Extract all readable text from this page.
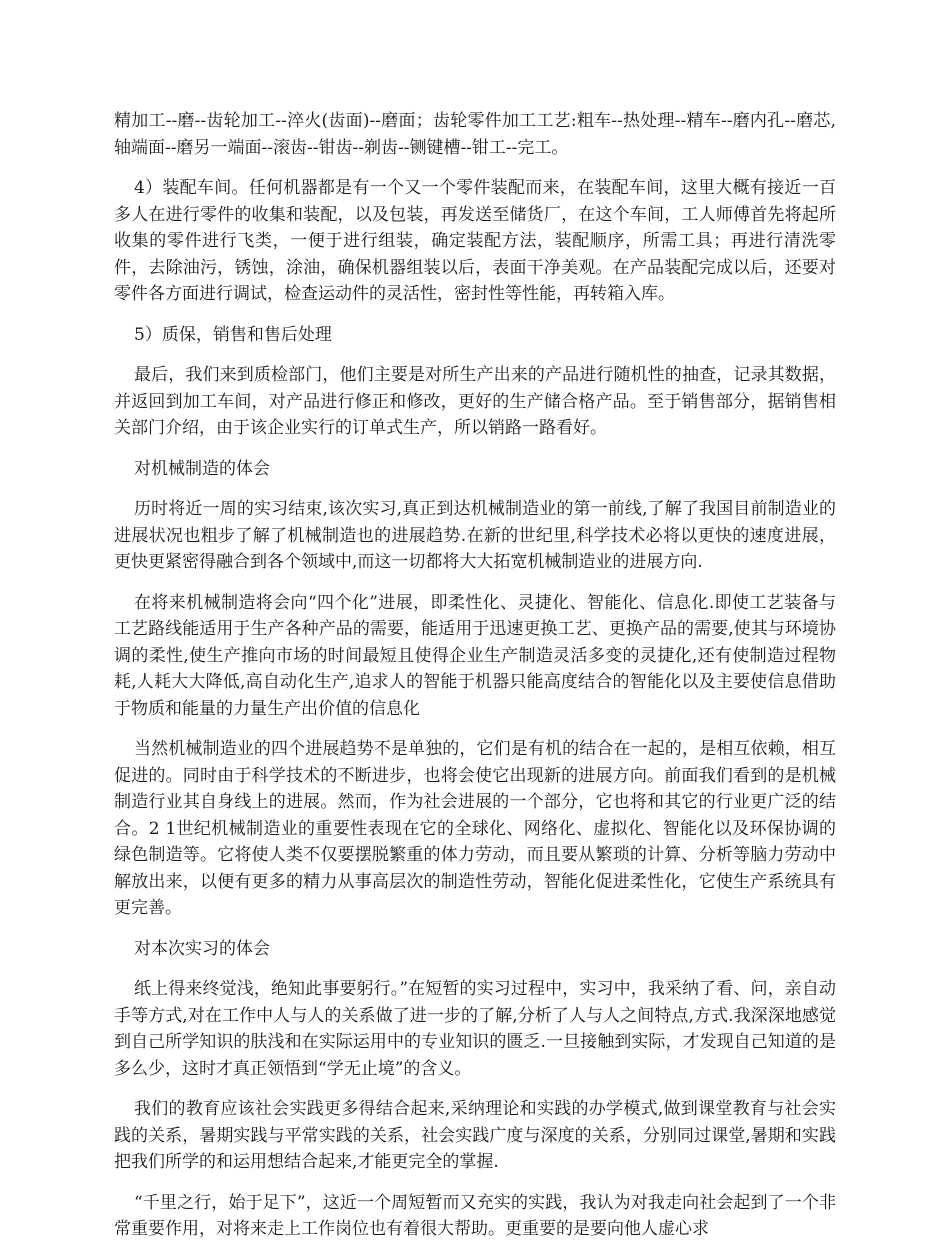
精加工--磨--齿轮加工--淬火(齿面)--磨面；齿轮零件加工工艺:粗车--热处理--精车--磨内孔--磨芯,轴端面--磨另一端面--滚齿--钳齿--剃齿--铡键槽--钳工--完工。

4）装配车间。任何机器都是有一个又一个零件装配而来，在装配车间，这里大概有接近一百多人在进行零件的收集和装配，以及包装，再发送至储货厂，在这个车间，工人师傅首先将起所收集的零件进行飞类，一便于进行组装，确定装配方法，装配顺序，所需工具；再进行清洗零件，去除油污，锈蚀，涂油，确保机器组装以后，表面干净美观。在产品装配完成以后，还要对零件各方面进行调试，检查运动件的灵活性，密封性等性能，再转箱入库。

5）质保，销售和售后处理

最后，我们来到质检部门，他们主要是对所生产出来的产品进行随机性的抽查，记录其数据，并返回到加工车间，对产品进行修正和修改，更好的生产储合格产品。至于销售部分，据销售相关部门介绍，由于该企业实行的订单式生产，所以销路一路看好。

对机械制造的体会

历时将近一周的实习结束,该次实习,真正到达机械制造业的第一前线,了解了我国目前制造业的进展状况也粗步了解了机械制造也的进展趋势.在新的世纪里,科学技术必将以更快的速度进展，更快更紧密得融合到各个领域中,而这一切都将大大拓宽机械制造业的进展方向.

在将来机械制造将会向“四个化”进展，即柔性化、灵捷化、智能化、信息化.即使工艺装备与工艺路线能适用于生产各种产品的需要，能适用于迅速更换工艺、更换产品的需要,使其与环境协调的柔性,使生产推向市场的时间最短且使得企业生产制造灵活多变的灵捷化,还有使制造过程物耗,人耗大大降低,高自动化生产,追求人的智能于机器只能高度结合的智能化以及主要使信息借助于物质和能量的力量生产出价值的信息化

当然机械制造业的四个进展趋势不是单独的，它们是有机的结合在一起的，是相互依赖，相互促进的。同时由于科学技术的不断进步，也将会使它出现新的进展方向。前面我们看到的是机械制造行业其自身线上的进展。然而，作为社会进展的一个部分，它也将和其它的行业更广泛的结合。2 1世纪机械制造业的重要性表现在它的全球化、网络化、虚拟化、智能化以及环保协调的绿色制造等。它将使人类不仅要摆脱繁重的体力劳动，而且要从繁琐的计算、分析等脑力劳动中解放出来，以便有更多的精力从事高层次的制造性劳动，智能化促进柔性化，它使生产系统具有更完善。

对本次实习的体会

纸上得来终觉浅，绝知此事要躬行。”在短暂的实习过程中，实习中，我采纳了看、问，亲自动手等方式,对在工作中人与人的关系做了进一步的了解,分析了人与人之间特点,方式.我深深地感觉到自己所学知识的肤浅和在实际运用中的专业知识的匮乏.一旦接触到实际，才发现自己知道的是多么少，这时才真正领悟到“学无止境”的含义。

我们的教育应该社会实践更多得结合起来,采纳理论和实践的办学模式,做到课堂教育与社会实践的关系，暑期实践与平常实践的关系，社会实践广度与深度的关系，分别同过课堂,暑期和实践把我们所学的和运用想结合起来,才能更完全的掌握.

“千里之行，始于足下”，这近一个周短暂而又充实的实践，我认为对我走向社会起到了一个非常重要作用，对将来走上工作岗位也有着很大帮助。更重要的是要向他人虚心求
